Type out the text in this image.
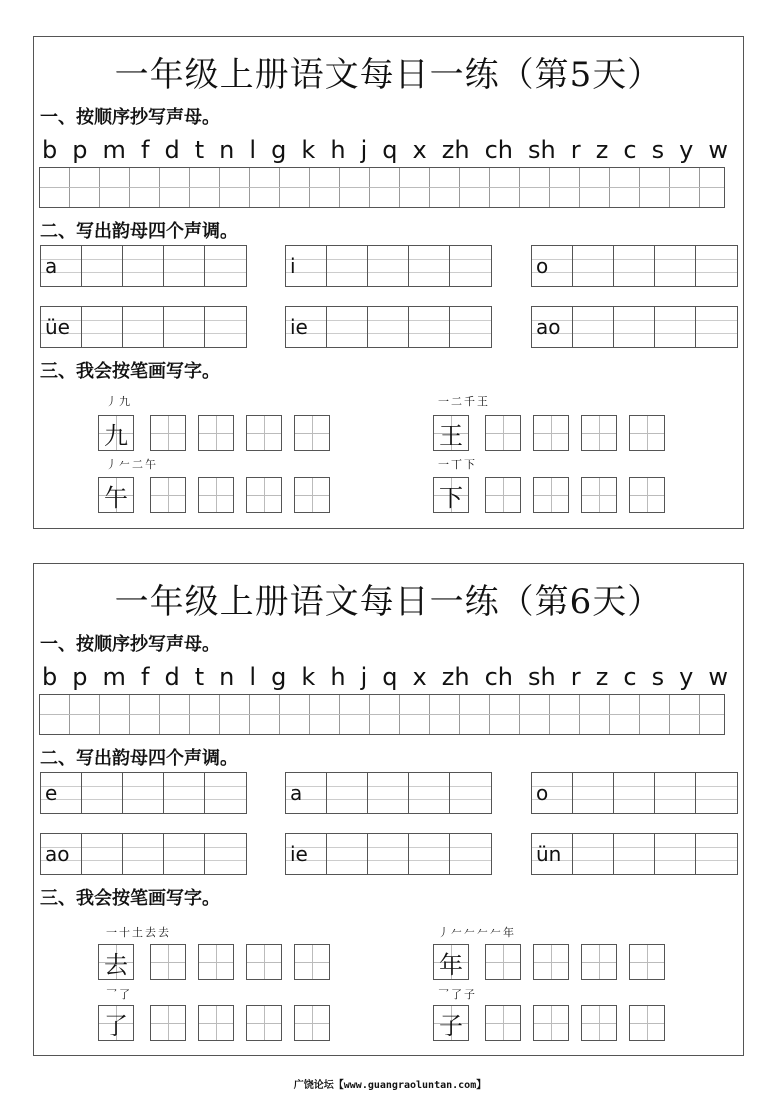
一年级上册语文每日一练（第5天）
一、按顺序抄写声母。
b p m f d t n l g k h j q x zh ch sh r z c s y w
二、写出韵母四个声调。
a	i	o
üe	ie	ao
三、我会按笔画写字。
丿九
九
一二千王
王
丿𠂉二午
午
一丅下
下
一年级上册语文每日一练（第6天）
一、按顺序抄写声母。
b p m f d t n l g k h j q x zh ch sh r z c s y w
二、写出韵母四个声调。
e	a	o
ao	ie	ün
三、我会按笔画写字。
一十土去去
去
丿𠂉𠂉𠂉𠂉年
年
乛了
了
乛了子
子
广饶论坛【www.guangraoluntan.com】
